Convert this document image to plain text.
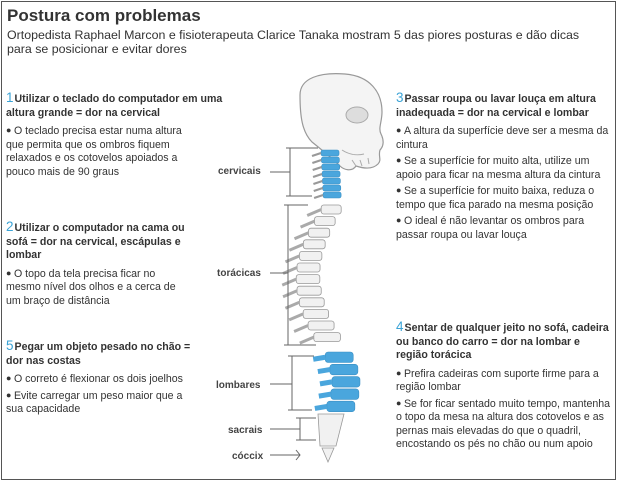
Postura com problemas
Ortopedista Raphael Marcon e fisioterapeuta Clarice Tanaka mostram 5 das piores posturas e dão dicas para se posicionar e evitar dores
1Utilizar o teclado do computador em uma altura grande = dor na cervical
● O teclado precisa estar numa altura que permita que os ombros fiquem relaxados e os cotovelos apoiados a pouco mais de 90 graus
2Utilizar o computador na cama ou sofá = dor na cervical, escápulas e lombar
● O topo da tela precisa ficar no mesmo nível dos olhos e a cerca de um braço de distância
5Pegar um objeto pesado no chão = dor nas costas
● O correto é flexionar os dois joelhos
● Evite carregar um peso maior que a sua capacidade
3Passar roupa ou lavar louça em altura inadequada = dor na cervical e lombar
● A altura da superfície deve ser a mesma da cintura
● Se a superfície for muito alta, utilize um apoio para ficar na mesma altura da cintura
● Se a superfície for muito baixa, reduza o tempo que fica parado na mesma posição
● O ideal é não levantar os ombros para passar roupa ou lavar louça
4Sentar de qualquer jeito no sofá, cadeira ou banco do carro = dor na lombar e região torácica
● Prefira cadeiras com suporte firme para a região lombar
● Se for ficar sentado muito tempo, mantenha o topo da mesa na altura dos cotovelos e as pernas mais elevadas do que o quadril, encostando os pés no chão ou num apoio
cervicais
torácicas
lombares
sacrais
cóccix
